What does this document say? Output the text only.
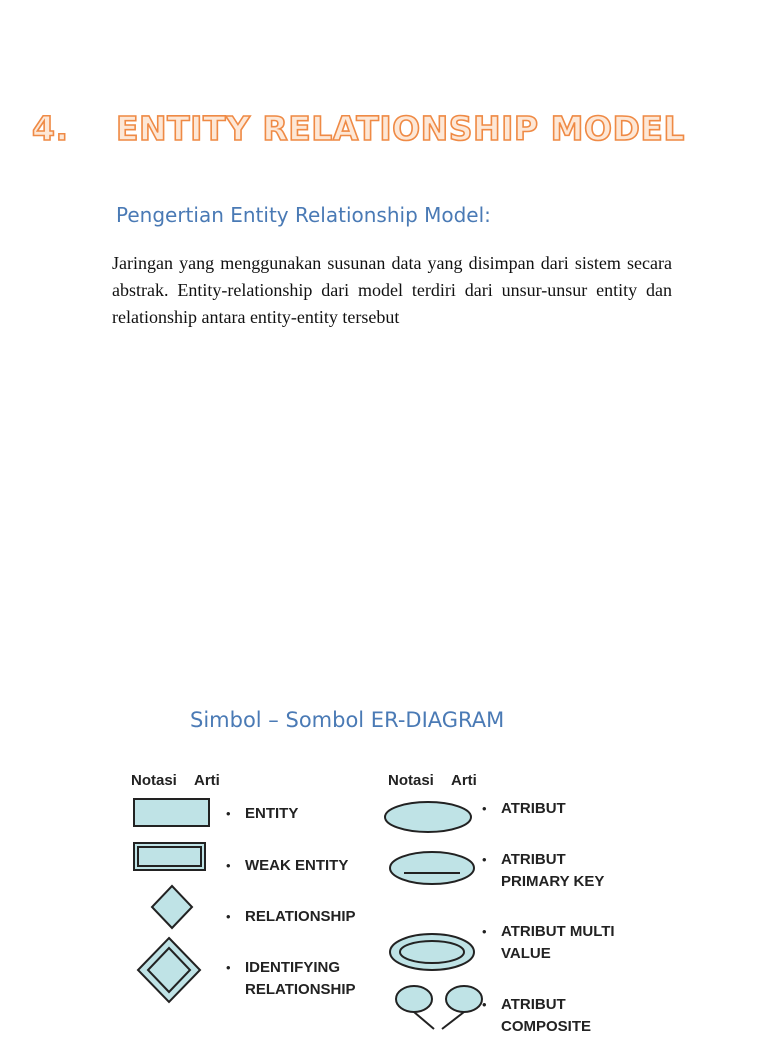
4.	ENTITY RELATIONSHIP MODEL
Pengertian Entity Relationship Model:

Jaringan yang menggunakan susunan data yang disimpan dari sistem secara abstrak. Entity-relationship dari model terdiri dari unsur-unsur entity dan relationship antara entity-entity tersebut

Simbol – Sombol ER-DIAGRAM
Notasi Arti	Notasi Arti
• ENTITY
• WEAK ENTITY
• RELATIONSHIP
• IDENTIFYING
RELATIONSHIP
• ATRIBUT
• ATRIBUT
PRIMARY KEY
• ATRIBUT MULTI
VALUE
• ATRIBUT
COMPOSITE
